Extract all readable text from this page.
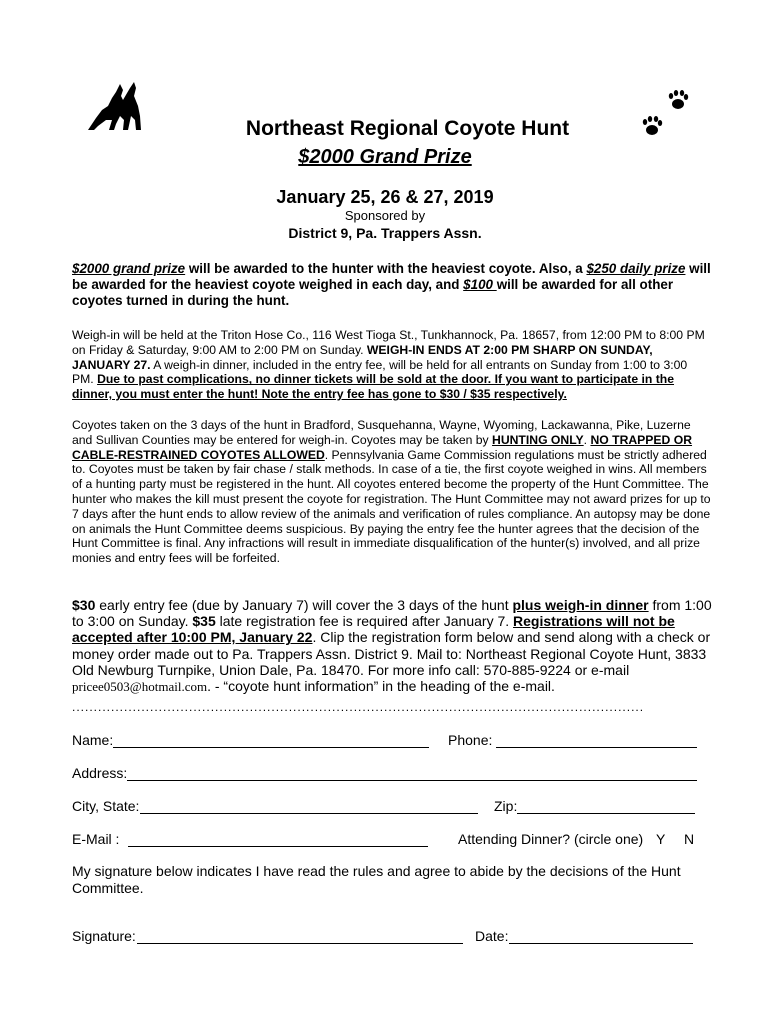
Northeast Regional Coyote Hunt
$2000 Grand Prize
January 25, 26 & 27, 2019
Sponsored by
District 9, Pa. Trappers Assn.
$2000 grand prize will be awarded to the hunter with the heaviest coyote. Also, a $250 daily prize will be awarded for the heaviest coyote weighed in each day, and $100 will be awarded for all other coyotes turned in during the hunt.
Weigh-in will be held at the Triton Hose Co., 116 West Tioga St., Tunkhannock, Pa. 18657, from 12:00 PM to 8:00 PM on Friday & Saturday, 9:00 AM to 2:00 PM on Sunday. WEIGH-IN ENDS AT 2:00 PM SHARP ON SUNDAY, JANUARY 27. A weigh-in dinner, included in the entry fee, will be held for all entrants on Sunday from 1:00 to 3:00 PM. Due to past complications, no dinner tickets will be sold at the door. If you want to participate in the dinner, you must enter the hunt! Note the entry fee has gone to $30 / $35 respectively.
Coyotes taken on the 3 days of the hunt in Bradford, Susquehanna, Wayne, Wyoming, Lackawanna, Pike, Luzerne and Sullivan Counties may be entered for weigh-in. Coyotes may be taken by HUNTING ONLY. NO TRAPPED OR CABLE-RESTRAINED COYOTES ALLOWED. Pennsylvania Game Commission regulations must be strictly adhered to. Coyotes must be taken by fair chase / stalk methods. In case of a tie, the first coyote weighed in wins. All members of a hunting party must be registered in the hunt. All coyotes entered become the property of the Hunt Committee. The hunter who makes the kill must present the coyote for registration. The Hunt Committee may not award prizes for up to 7 days after the hunt ends to allow review of the animals and verification of rules compliance. An autopsy may be done on animals the Hunt Committee deems suspicious. By paying the entry fee the hunter agrees that the decision of the Hunt Committee is final. Any infractions will result in immediate disqualification of the hunter(s) involved, and all prize monies and entry fees will be forfeited.
$30 early entry fee (due by January 7) will cover the 3 days of the hunt plus weigh-in dinner from 1:00 to 3:00 on Sunday. $35 late registration fee is required after January 7. Registrations will not be accepted after 10:00 PM, January 22. Clip the registration form below and send along with a check or money order made out to Pa. Trappers Assn. District 9. Mail to: Northeast Regional Coyote Hunt, 3833 Old Newburg Turnpike, Union Dale, Pa. 18470. For more info call: 570-885-9224 or e-mail pricee0503@hotmail.com. - “coyote hunt information” in the heading of the e-mail.
....................................................................................................................................
Name:	Phone:
Address:
City, State:	Zip:
E-Mail :	Attending Dinner? (circle one) Y N
My signature below indicates I have read the rules and agree to abide by the decisions of the Hunt Committee.
Signature:	Date:
